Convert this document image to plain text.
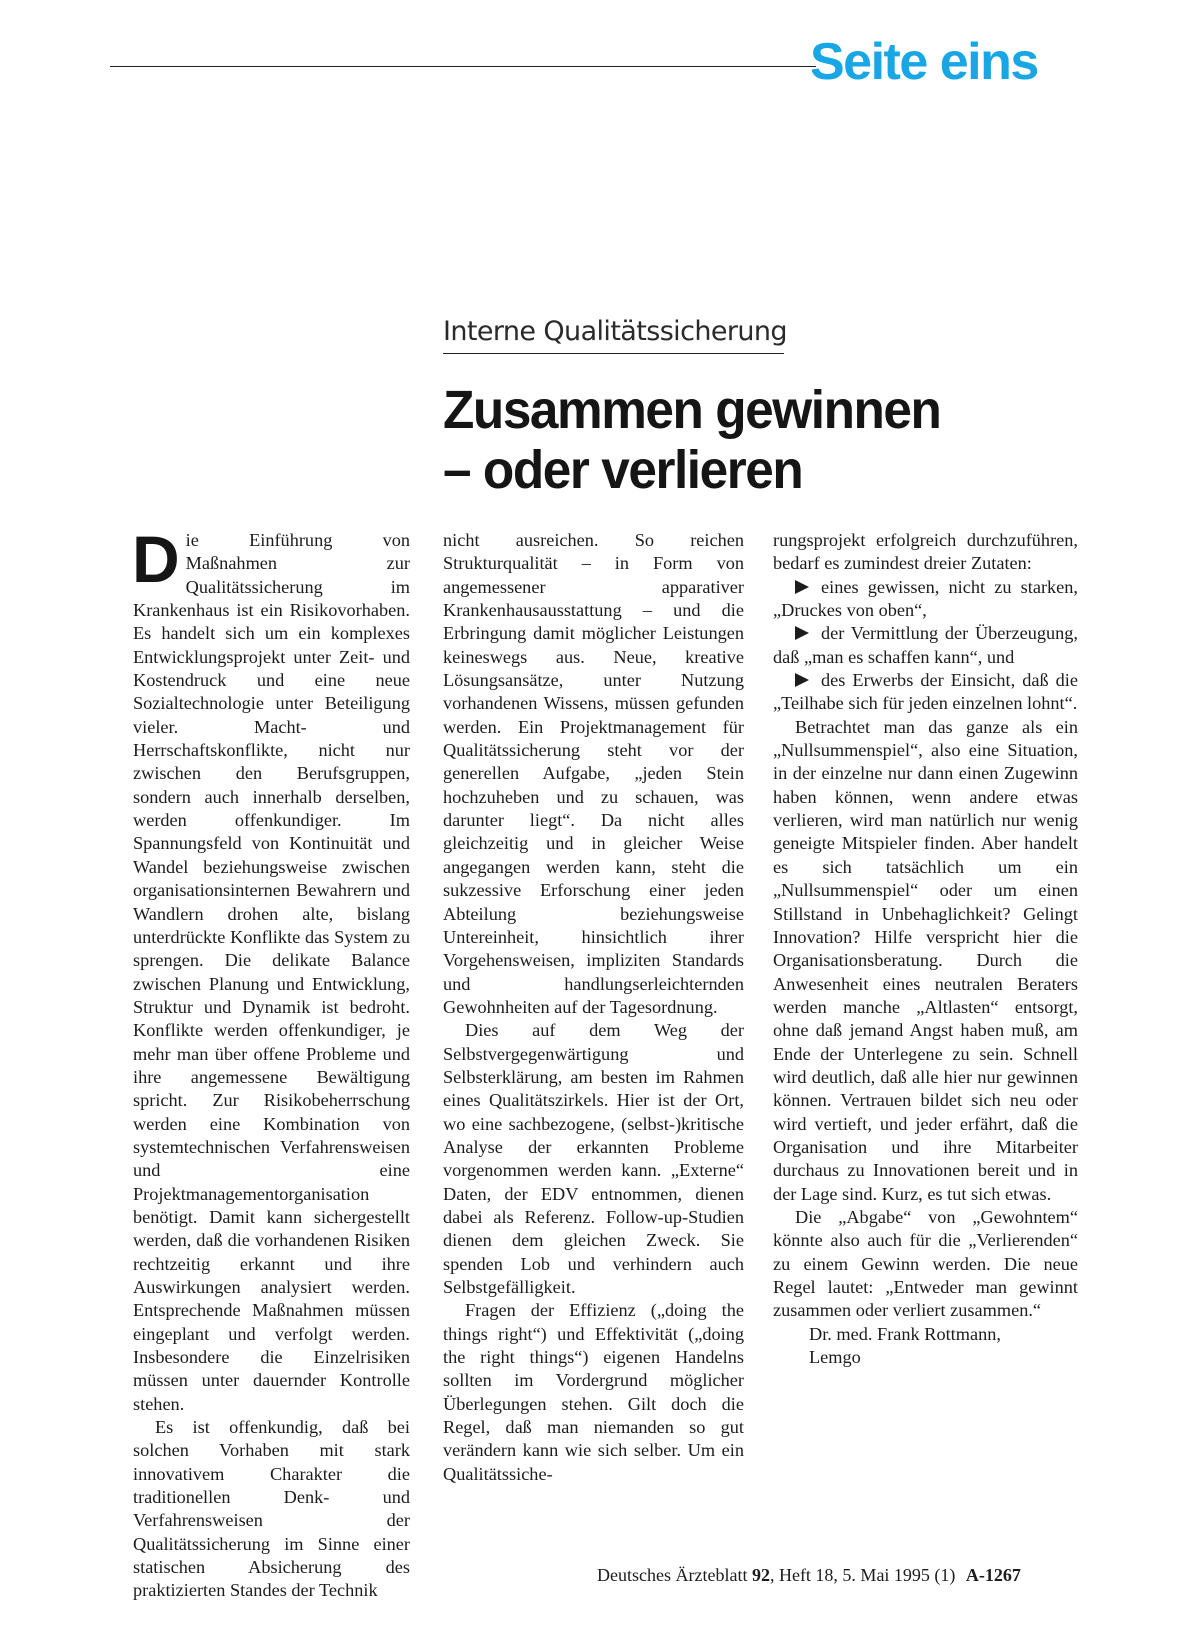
Seite eins
Interne Qualitätssicherung
Zusammen gewinnen
– oder verlieren

Die Einführung von Maßnahmen zur Qualitätssicherung im Krankenhaus ist ein Risikovorhaben. Es handelt sich um ein komplexes Entwicklungsprojekt unter Zeit- und Kostendruck und eine neue Sozialtechnologie unter Beteiligung vieler. Macht- und Herrschaftskonflikte, nicht nur zwischen den Berufsgruppen, sondern auch innerhalb derselben, werden offenkundiger. Im Spannungsfeld von Kontinuität und Wandel beziehungsweise zwischen organisationsinternen Bewahrern und Wandlern drohen alte, bislang unterdrückte Konflikte das System zu sprengen. Die delikate Balance zwischen Planung und Entwicklung, Struktur und Dynamik ist bedroht. Konflikte werden offenkundiger, je mehr man über offene Probleme und ihre angemessene Bewältigung spricht. Zur Risikobeherrschung werden eine Kombination von systemtechnischen Verfahrensweisen und eine Projektmanagementorganisation benötigt. Damit kann sichergestellt werden, daß die vorhandenen Risiken rechtzeitig erkannt und ihre Auswirkungen analysiert werden. Entsprechende Maßnahmen müssen eingeplant und verfolgt werden. Insbesondere die Einzelrisiken müssen unter dauernder Kontrolle stehen.

Es ist offenkundig, daß bei solchen Vorhaben mit stark innovativem Charakter die traditionellen Denk- und Verfahrensweisen der Qualitätssicherung im Sinne einer statischen Absicherung des praktizierten Standes der Technik

nicht ausreichen. So reichen Strukturqualität – in Form von angemessener apparativer Krankenhausausstattung – und die Erbringung damit möglicher Leistungen keineswegs aus. Neue, kreative Lösungsansätze, unter Nutzung vorhandenen Wissens, müssen gefunden werden. Ein Projektmanagement für Qualitätssicherung steht vor der generellen Aufgabe, „jeden Stein hochzuheben und zu schauen, was darunter liegt“. Da nicht alles gleichzeitig und in gleicher Weise angegangen werden kann, steht die sukzessive Erforschung einer jeden Abteilung beziehungsweise Untereinheit, hinsichtlich ihrer Vorgehensweisen, impliziten Standards und handlungserleichternden Gewohnheiten auf der Tagesordnung.

Dies auf dem Weg der Selbstvergegenwärtigung und Selbsterklärung, am besten im Rahmen eines Qualitätszirkels. Hier ist der Ort, wo eine sachbezogene, (selbst-)kritische Analyse der erkannten Probleme vorgenommen werden kann. „Externe“ Daten, der EDV entnommen, dienen dabei als Referenz. Follow-up-Studien dienen dem gleichen Zweck. Sie spenden Lob und verhindern auch Selbstgefälligkeit.

Fragen der Effizienz („doing the things right“) und Effektivität („doing the right things“) eigenen Handelns sollten im Vordergrund möglicher Überlegungen stehen. Gilt doch die Regel, daß man niemanden so gut verändern kann wie sich selber. Um ein Qualitätssiche-

rungsprojekt erfolgreich durchzuführen, bedarf es zumindest dreier Zutaten:

eines gewissen, nicht zu starken, „Druckes von oben“,

der Vermittlung der Überzeugung, daß „man es schaffen kann“, und

des Erwerbs der Einsicht, daß die „Teilhabe sich für jeden einzelnen lohnt“.

Betrachtet man das ganze als ein „Nullsummenspiel“, also eine Situation, in der einzelne nur dann einen Zugewinn haben können, wenn andere etwas verlieren, wird man natürlich nur wenig geneigte Mitspieler finden. Aber handelt es sich tatsächlich um ein „Nullsummenspiel“ oder um einen Stillstand in Unbehaglichkeit? Gelingt Innovation? Hilfe verspricht hier die Organisationsberatung. Durch die Anwesenheit eines neutralen Beraters werden manche „Altlasten“ entsorgt, ohne daß jemand Angst haben muß, am Ende der Unterlegene zu sein. Schnell wird deutlich, daß alle hier nur gewinnen können. Vertrauen bildet sich neu oder wird vertieft, und jeder erfährt, daß die Organisation und ihre Mitarbeiter durchaus zu Innovationen bereit und in der Lage sind. Kurz, es tut sich etwas.

Die „Abgabe“ von „Gewohntem“ könnte also auch für die „Verlierenden“ zu einem Gewinn werden. Die neue Regel lautet: „Entweder man gewinnt zusammen oder verliert zusammen.“

Dr. med. Frank Rottmann,

Lemgo

Deutsches Ärzteblatt 92, Heft 18, 5. Mai 1995 (1) A-1267
